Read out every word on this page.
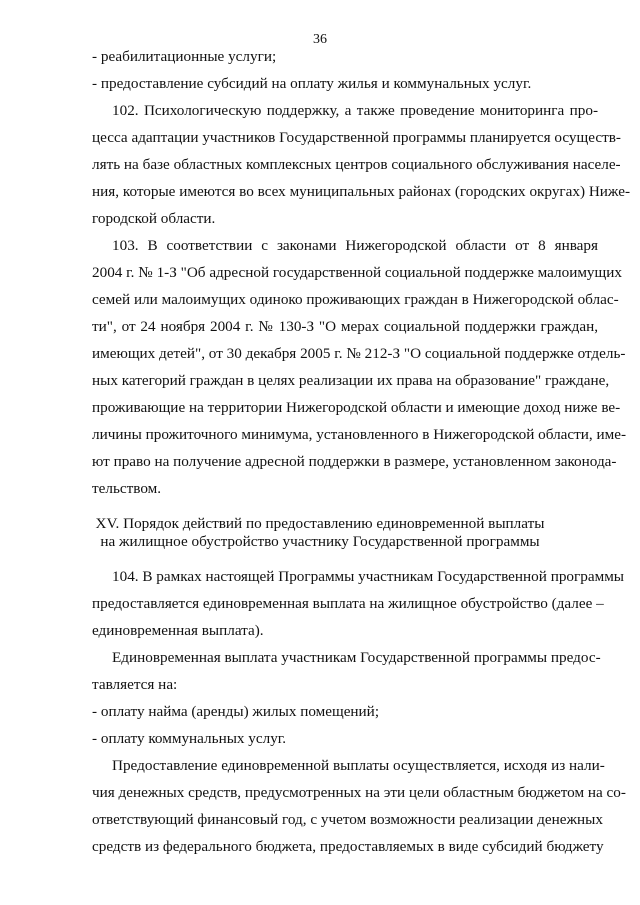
36
- реабилитационные услуги;
- предоставление субсидий на оплату жилья и коммунальных услуг.
102. Психологическую поддержку, а также проведение мониторинга про-
цесса адаптации участников Государственной программы планируется осуществ-
лять на базе областных комплексных центров социального обслуживания населе-
ния, которые имеются во всех муниципальных районах (городских округах) Ниже-
городской области.
103. В соответствии с законами Нижегородской области от 8 января
2004 г. № 1-З "Об адресной государственной социальной поддержке малоимущих
семей или малоимущих одиноко проживающих граждан в Нижегородской облас-
ти", от 24 ноября 2004 г. № 130-З "О мерах социальной поддержки граждан,
имеющих детей", от 30 декабря 2005 г. № 212-З "О социальной поддержке отдель-
ных категорий граждан в целях реализации их права на образование" граждане,
проживающие на территории Нижегородской области и имеющие доход ниже ве-
личины прожиточного минимума, установленного в Нижегородской области, име-
ют право на получение адресной поддержки в размере, установленном законода-
тельством.
XV. Порядок действий по предоставлению единовременной выплаты
на жилищное обустройство участнику Государственной программы
104. В рамках настоящей Программы участникам Государственной программы
предоставляется единовременная выплата на жилищное обустройство (далее –
единовременная выплата).
Единовременная выплата участникам Государственной программы предос-
тавляется на:
- оплату найма (аренды) жилых помещений;
- оплату коммунальных услуг.
Предоставление единовременной выплаты осуществляется, исходя из нали-
чия денежных средств, предусмотренных на эти цели областным бюджетом на со-
ответствующий финансовый год, с учетом возможности реализации денежных
средств из федерального бюджета, предоставляемых в виде субсидий бюджету
